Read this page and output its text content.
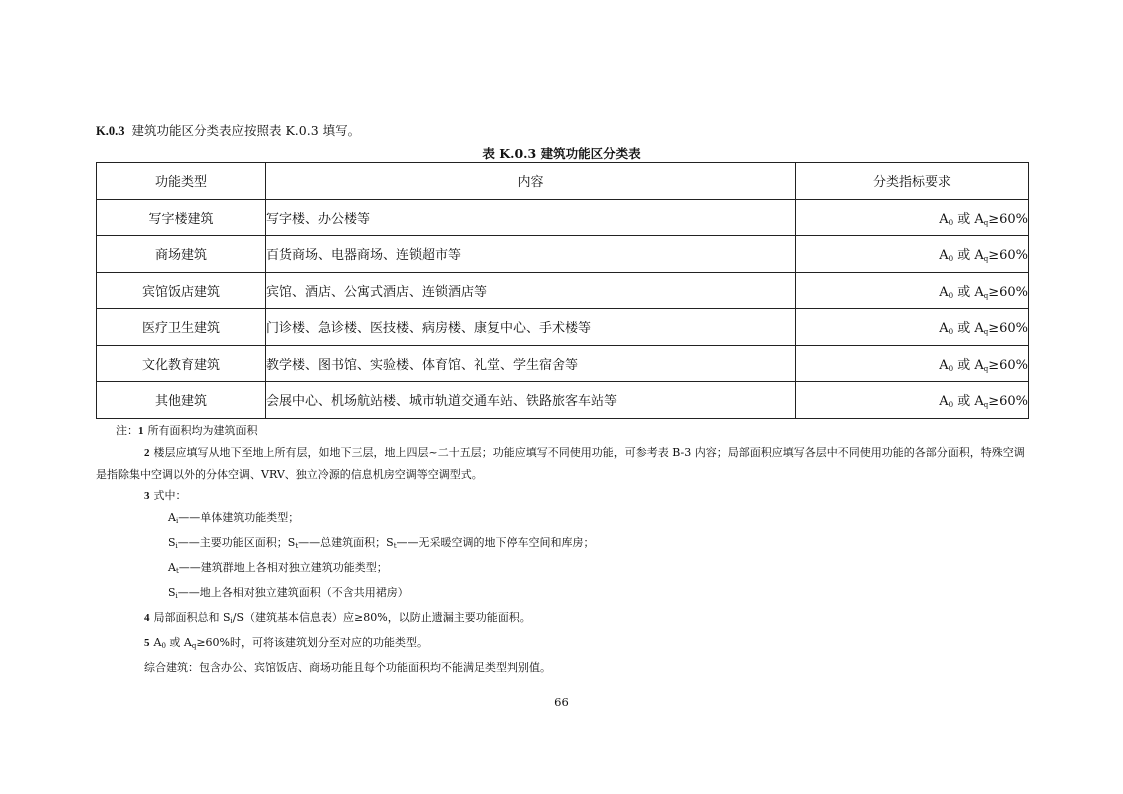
K.0.3 建筑功能区分类表应按照表 K.0.3 填写。
表 K.0.3 建筑功能区分类表
功能类型	内容	分类指标要求
写字楼建筑	写字楼、办公楼等	$A_0$ 或 $A_q\ge 60\%$
商场建筑	百货商场、电器商场、连锁超市等	$A_0$ 或 $A_q\ge 60\%$
宾馆饭店建筑	宾馆、酒店、公寓式酒店、连锁酒店等	$A_0$ 或 $A_q\ge 60\%$
医疗卫生建筑	门诊楼、急诊楼、医技楼、病房楼、康复中心、手术楼等	$A_0$ 或 $A_q\ge 60\%$
文化教育建筑	教学楼、图书馆、实验楼、体育馆、礼堂、学生宿舍等	$A_0$ 或 $A_q\ge 60\%$
其他建筑	会展中心、机场航站楼、城市轨道交通车站、铁路旅客车站等	$A_0$ 或 $A_q\ge 60\%$

注：1 所有面积均为建筑面积

2 楼层应填写从地下至地上所有层，如地下三层，地上四层~二十五层；功能应填写不同使用功能，可参考表 B-3 内容；局部面积应填写各层中不同使用功能的各部分面积，特殊空调是指除集中空调以外的分体空调、VRV、独立冷源的信息机房空调等空调型式。

3 式中：

$A_i——$单体建筑功能类型；

$S_i——$主要功能区面积；$S_t——$总建筑面积；$S_t——$无采暖空调的地下停车空间和库房；

$A_t——$建筑群地上各相对独立建筑功能类型；

$S_i——$地上各相对独立建筑面积（不含共用裙房）

4 局部面积总和 $S_i/S$（建筑基本信息表）应≥80%，以防止遗漏主要功能面积。

5 $A_0$ 或 $A_q\ge 60\%$时，可将该建筑划分至对应的功能类型。

综合建筑：包含办公、宾馆饭店、商场功能且每个功能面积均不能满足类型判别值。

66
